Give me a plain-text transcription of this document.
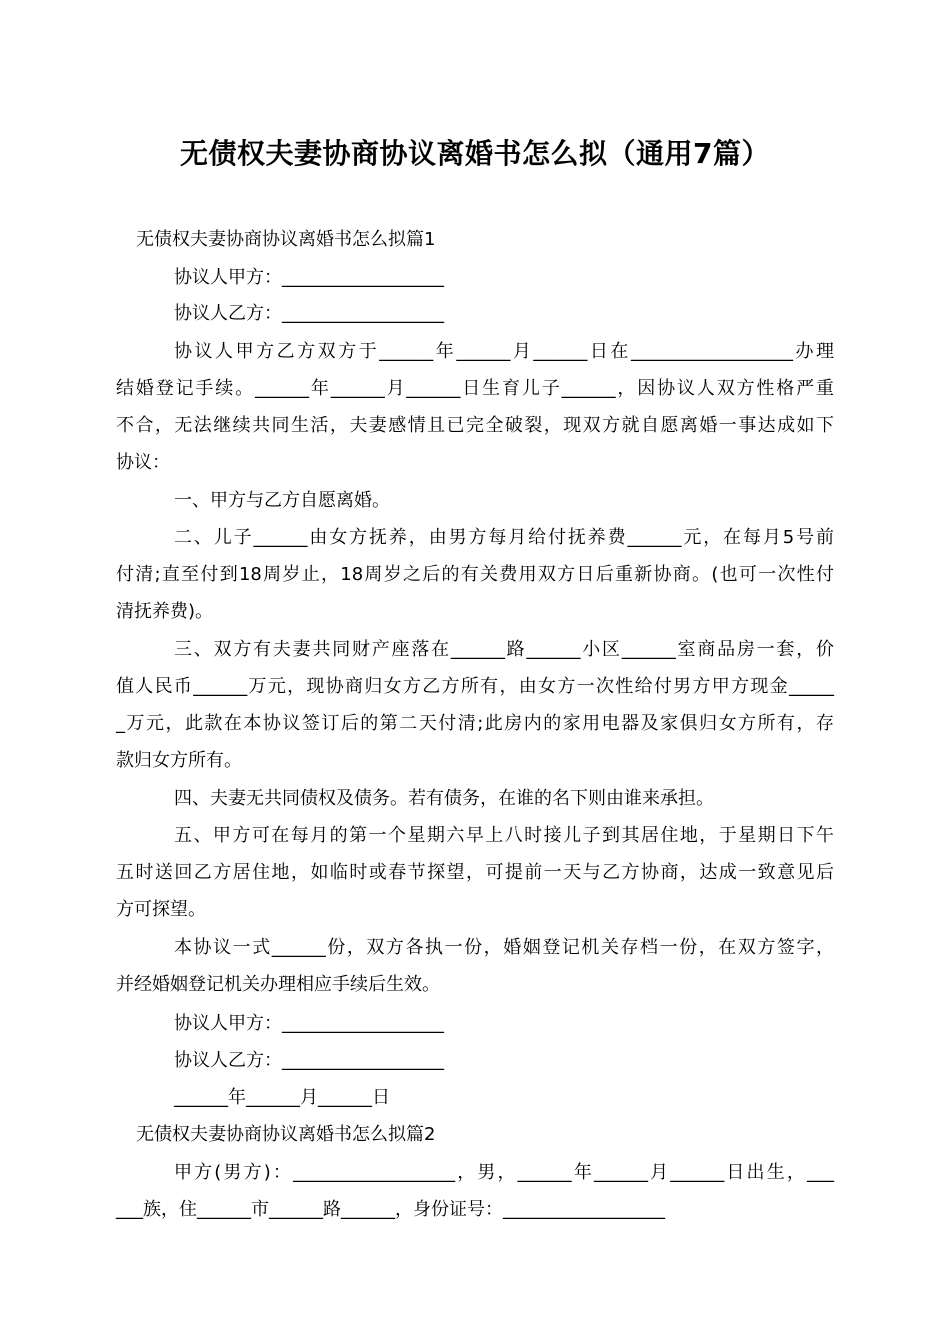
无债权夫妻协商协议离婚书怎么拟（通用7篇）
无债权夫妻协商协议离婚书怎么拟篇1
协议人甲方：__________________
协议人乙方：__________________
协议人甲方乙方双方于______年______月______日在__________________办理
结婚登记手续。______年______月______日生育儿子______，因协议人双方性格严重
不合，无法继续共同生活，夫妻感情且已完全破裂，现双方就自愿离婚一事达成如下
协议：
一、甲方与乙方自愿离婚。
二、儿子______由女方抚养，由男方每月给付抚养费______元，在每月5号前
付清;直至付到18周岁止，18周岁之后的有关费用双方日后重新协商。(也可一次性付
清抚养费)。
三、双方有夫妻共同财产座落在______路______小区______室商品房一套，价
值人民币______万元，现协商归女方乙方所有，由女方一次性给付男方甲方现金_____
_万元，此款在本协议签订后的第二天付清;此房内的家用电器及家俱归女方所有，存
款归女方所有。
四、夫妻无共同债权及债务。若有债务，在谁的名下则由谁来承担。
五、甲方可在每月的第一个星期六早上八时接儿子到其居住地，于星期日下午
五时送回乙方居住地，如临时或春节探望，可提前一天与乙方协商，达成一致意见后
方可探望。
本协议一式______份，双方各执一份，婚姻登记机关存档一份，在双方签字，
并经婚姻登记机关办理相应手续后生效。
协议人甲方：__________________
协议人乙方：__________________
______年______月______日
无债权夫妻协商协议离婚书怎么拟篇2
甲方(男方)：__________________，男，______年______月______日出生，___
___族，住______市______路______，身份证号：__________________
